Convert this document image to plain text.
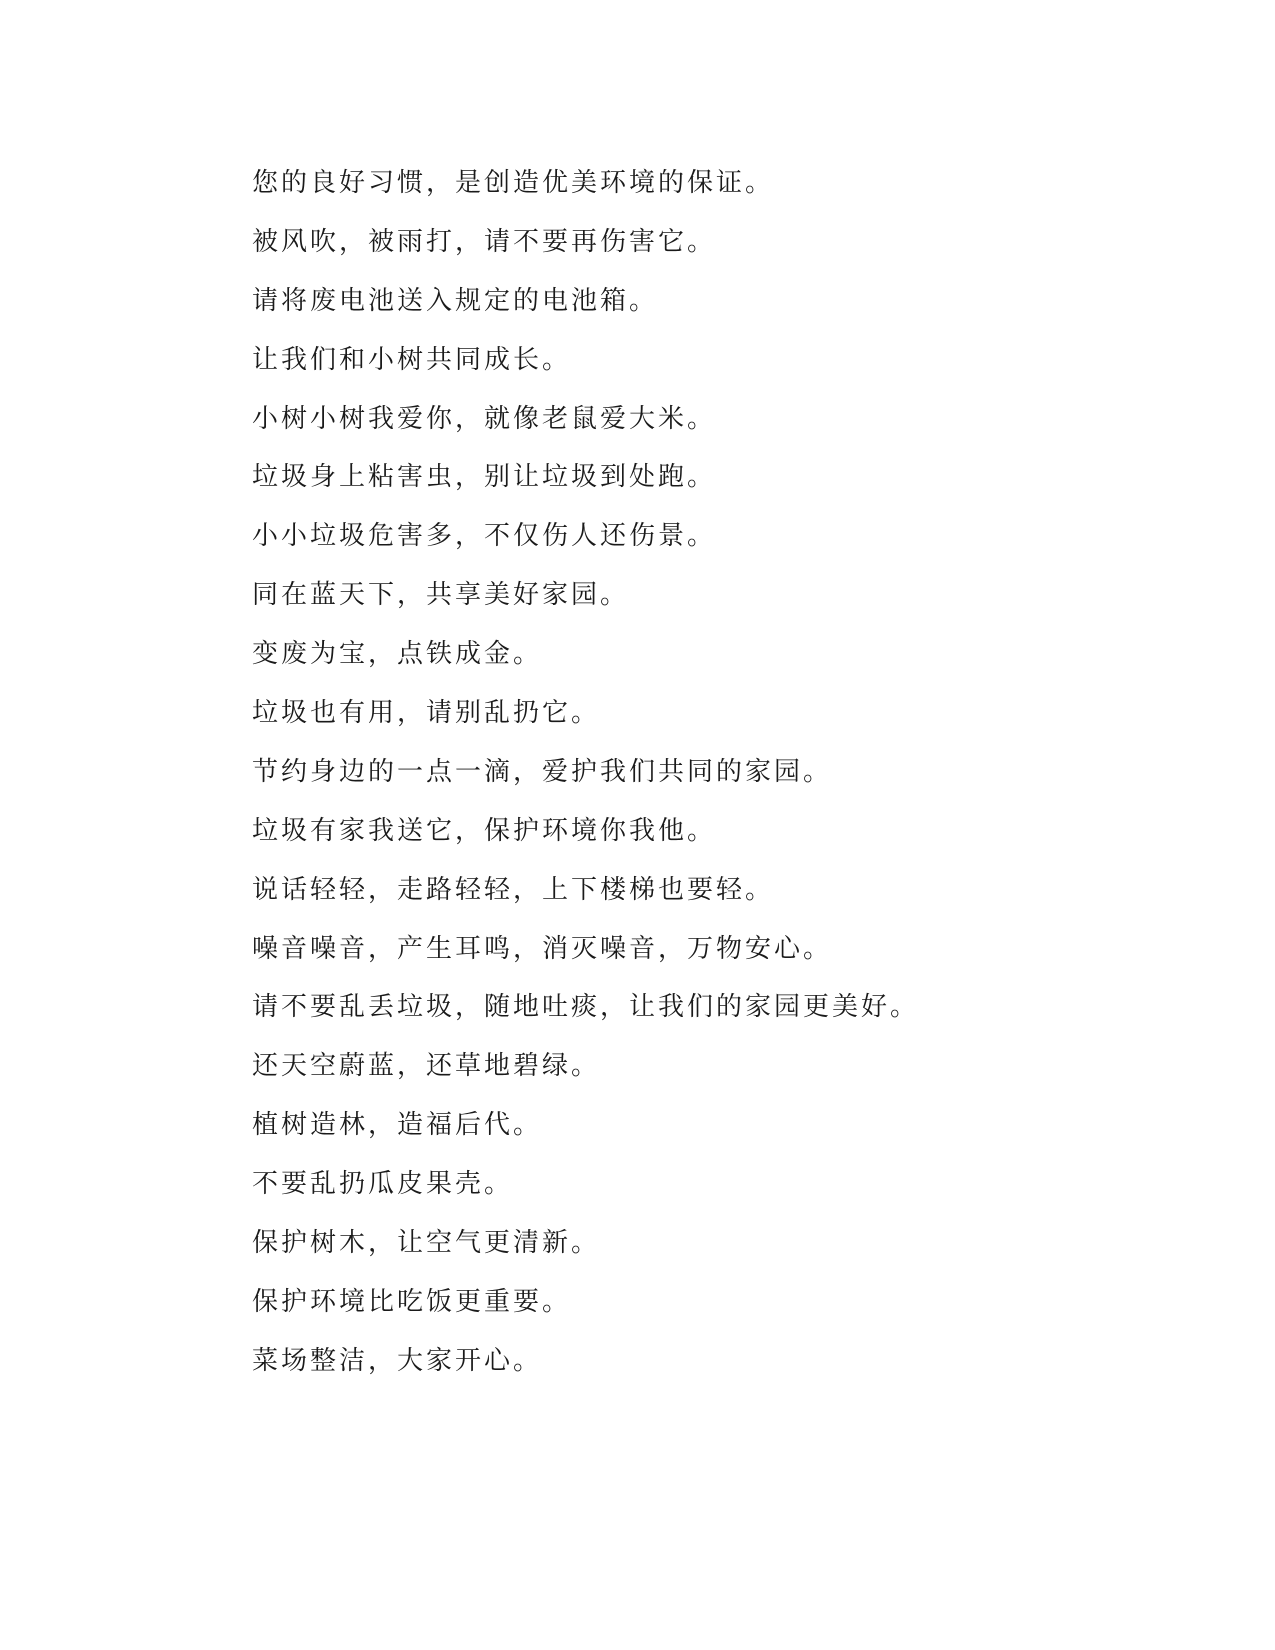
您的良好习惯，是创造优美环境的保证。
被风吹，被雨打，请不要再伤害它。
请将废电池送入规定的电池箱。
让我们和小树共同成长。
小树小树我爱你，就像老鼠爱大米。
垃圾身上粘害虫，别让垃圾到处跑。
小小垃圾危害多，不仅伤人还伤景。
同在蓝天下，共享美好家园。
变废为宝，点铁成金。
垃圾也有用，请别乱扔它。
节约身边的一点一滴，爱护我们共同的家园。
垃圾有家我送它，保护环境你我他。
说话轻轻，走路轻轻，上下楼梯也要轻。
噪音噪音，产生耳鸣，消灭噪音，万物安心。
请不要乱丢垃圾，随地吐痰，让我们的家园更美好。
还天空蔚蓝，还草地碧绿。
植树造林，造福后代。
不要乱扔瓜皮果壳。
保护树木，让空气更清新。
保护环境比吃饭更重要。
菜场整洁，大家开心。
